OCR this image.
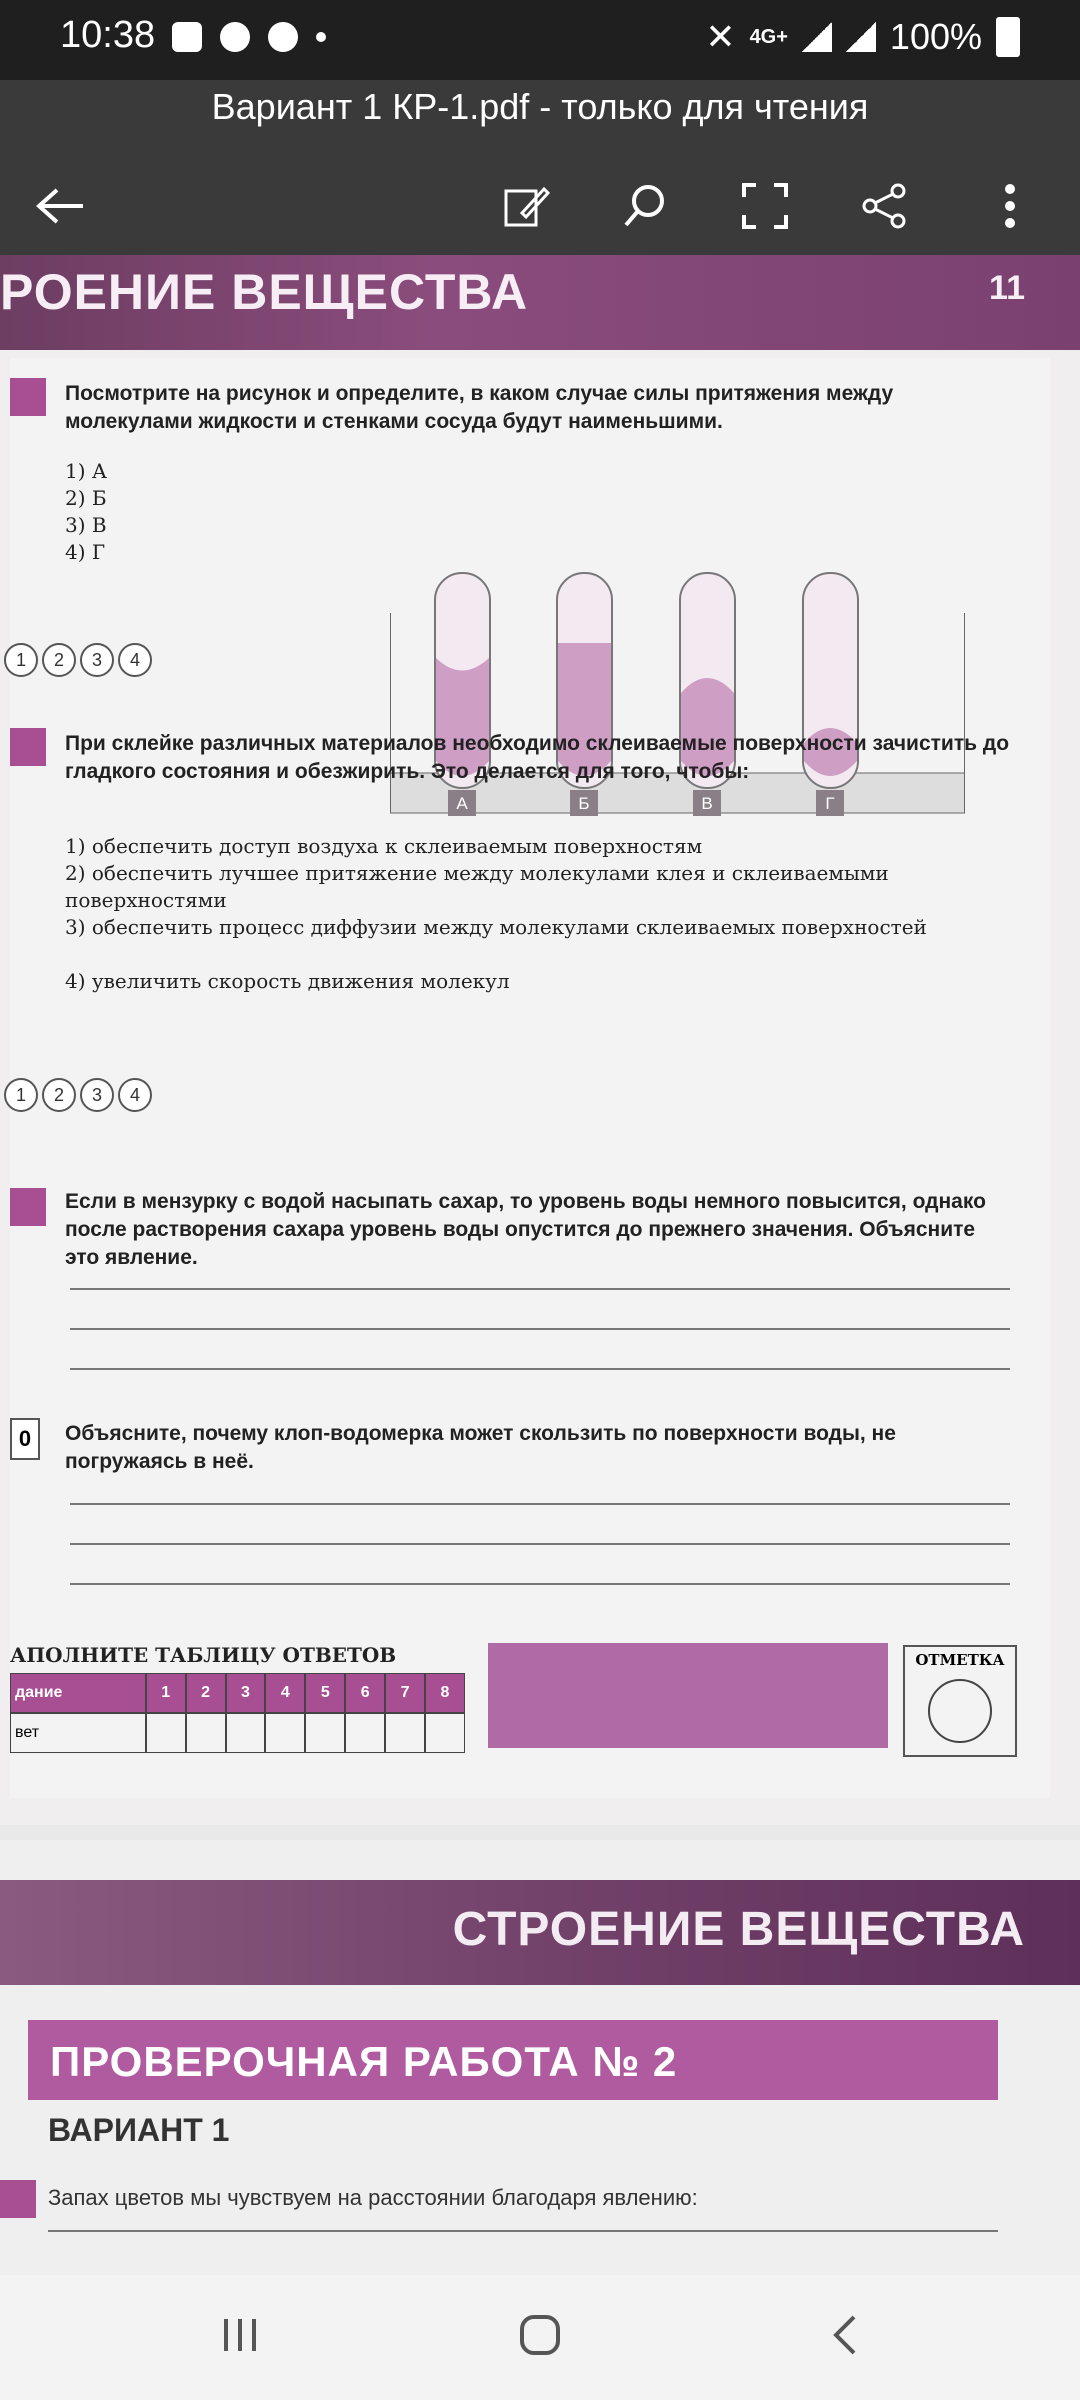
10:38	✕ 4G+	100%
Вариант 1 КР-1.pdf - только для чтения
РОЕНИЕ ВЕЩЕСТВА	11
Посмотрите на рисунок и определите, в каком случае силы притяжения между молекулами жидкости и стенками сосуда будут наименьшими.
1) А
2) Б
3) В
4) Г
А	Б	В	Г
1	2	3	4
При склейке различных материалов необходимо склеиваемые поверхности зачистить до гладкого состояния и обезжирить. Это делается для того, чтобы:
1) обеспечить доступ воздуха к склеиваемым поверхностям
2) обеспечить лучшее притяжение между молекулами клея и склеиваемыми поверхностями
3) обеспечить процесс диффузии между молекулами склеиваемых поверхностей
4) увеличить скорость движения молекул
1	2	3	4
Если в мензурку с водой насыпать сахар, то уровень воды немного повысится, однако после растворения сахара уровень воды опустится до прежнего значения. Объясните это явление.
0	Объясните, почему клоп-водомерка может скользить по поверхности воды, не погружаясь в неё.
АПОЛНИТЕ ТАБЛИЦУ ОТВЕТОВ
дание	1	2	3	4	5	6	7	8
вет
ОТМЕТКА
СТРОЕНИЕ ВЕЩЕСТВА
ПРОВЕРОЧНАЯ РАБОТА № 2
ВАРИАНТ 1
Запах цветов мы чувствуем на расстоянии благодаря явлению:
